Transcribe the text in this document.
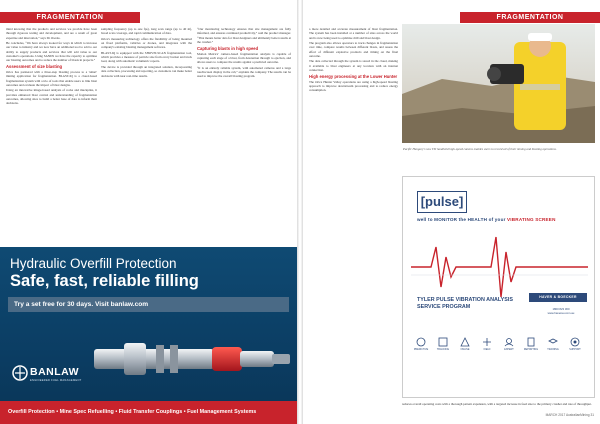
FRAGMENTATION

mind knowing that the products and services we provide have been through rigorous testing and development, and are a result of great expertise and innovation,” says Dr Owens.

He concludes, “We have always looked for ways in which to increase our value to industry and we now have an additional tool to add to our ability to supply products and services that will add value to our customer's operations. Using SANDS we have the capacity to optimise our blasting outcomes and to reduce the number of blasts in projects.”

Assessment of size blasting

Orica has partnered with a three-step blasting process to a 'smart' mining application for fragmentation. BLAST-IQ is a cloud-based fragmentation system with a trio of tools that enable users to link blast outcomes and evaluate the impact of blast designs.

Using an innovative image-based analysis of rocks and muckpiles, it provides enhanced blast control and understanding of fragmentation outcomes, allowing sites to build a better base of data to inform their decisions.

sampling frequency (up to one fps), long scan range (up to 40 m), broad scan coverage, and rapid communication of data.

Orica's measuring technology offers the flexibility of being mounted on fixed platforms, vehicles or drones, and integrates with the company's existing blasting management software.

BLAST-IQ is equipped with the SHOVELSCAN fragmentation tool, which provides a measure of particle size from every bucket and truck load, along with automatic volumetric reports.

The device is provided through an integrated solution, incorporating data collection, processing and reporting, so customers can make better decisions with near real-time results.

“Our monitoring technology ensures that site management are fully informed, and ensures continued productivity,” said the product manager. “That means better data for blast designers and ultimately better results at the crusher.”

Capturing blasts in high speed

Motion Metrics' camera-based fragmentation analysis is capable of capturing each stage of a blast, from detonation through to ejection, and allows users to compare the results against a predicted outcome.

“It is an entirely reliable system, with automated cameras and a large touchscreen display in the cab,” explains the company. The results can be used to improve the overall blasting program.

Hydraulic Overfill Protection
Safe, fast, reliable filling
Try a set free for 30 days. Visit banlaw.com
BANLAW
ENGINEERED FUEL MANAGEMENT
Overfill Protection • Mine Spec Refuelling • Fluid Transfer Couplings • Fuel Management Systems
FRAGMENTATION

a more detailed and accurate measurement of blast fragmentation. The system has been installed at a number of sites across the world and is now being used to optimise drill and blast design.

The program also allows operators to track changes in fragmentation over time, compare results between different blasts, and assess the effect of different explosive products and timing on the final outcome.

The data collected through the system is stored in the cloud, making it available to blast engineers at any location with an internet connection.

High energy processing at the Lower Hunter

The Orica Hunter Valley operations are using a high-speed blasting approach to improve downstream processing and to reduce energy consumption.

Pacific Hungary's new TSI handheld high-speed camera enables users to record all of their mining and blasting operations.
[pulse]
well to MONITOR the HEALTH of your VIBRATING SCREEN
HAVER & BOECKER
1800 823 300
www.haverau.com.au
TYLER PULSE VIBRATION ANALYSIS SERVICE PROGRAM
PREDICTIVE	TRACKING	ONLINE	FIELD	EXPERT	REPORTING	TRAINING	SUPPORT

reduces overall operating costs with a thorough pattern expansion, with a targeted increase in feed size to the primary crusher and rate of throughput.

MARCH 2017 AustralianMining 31
